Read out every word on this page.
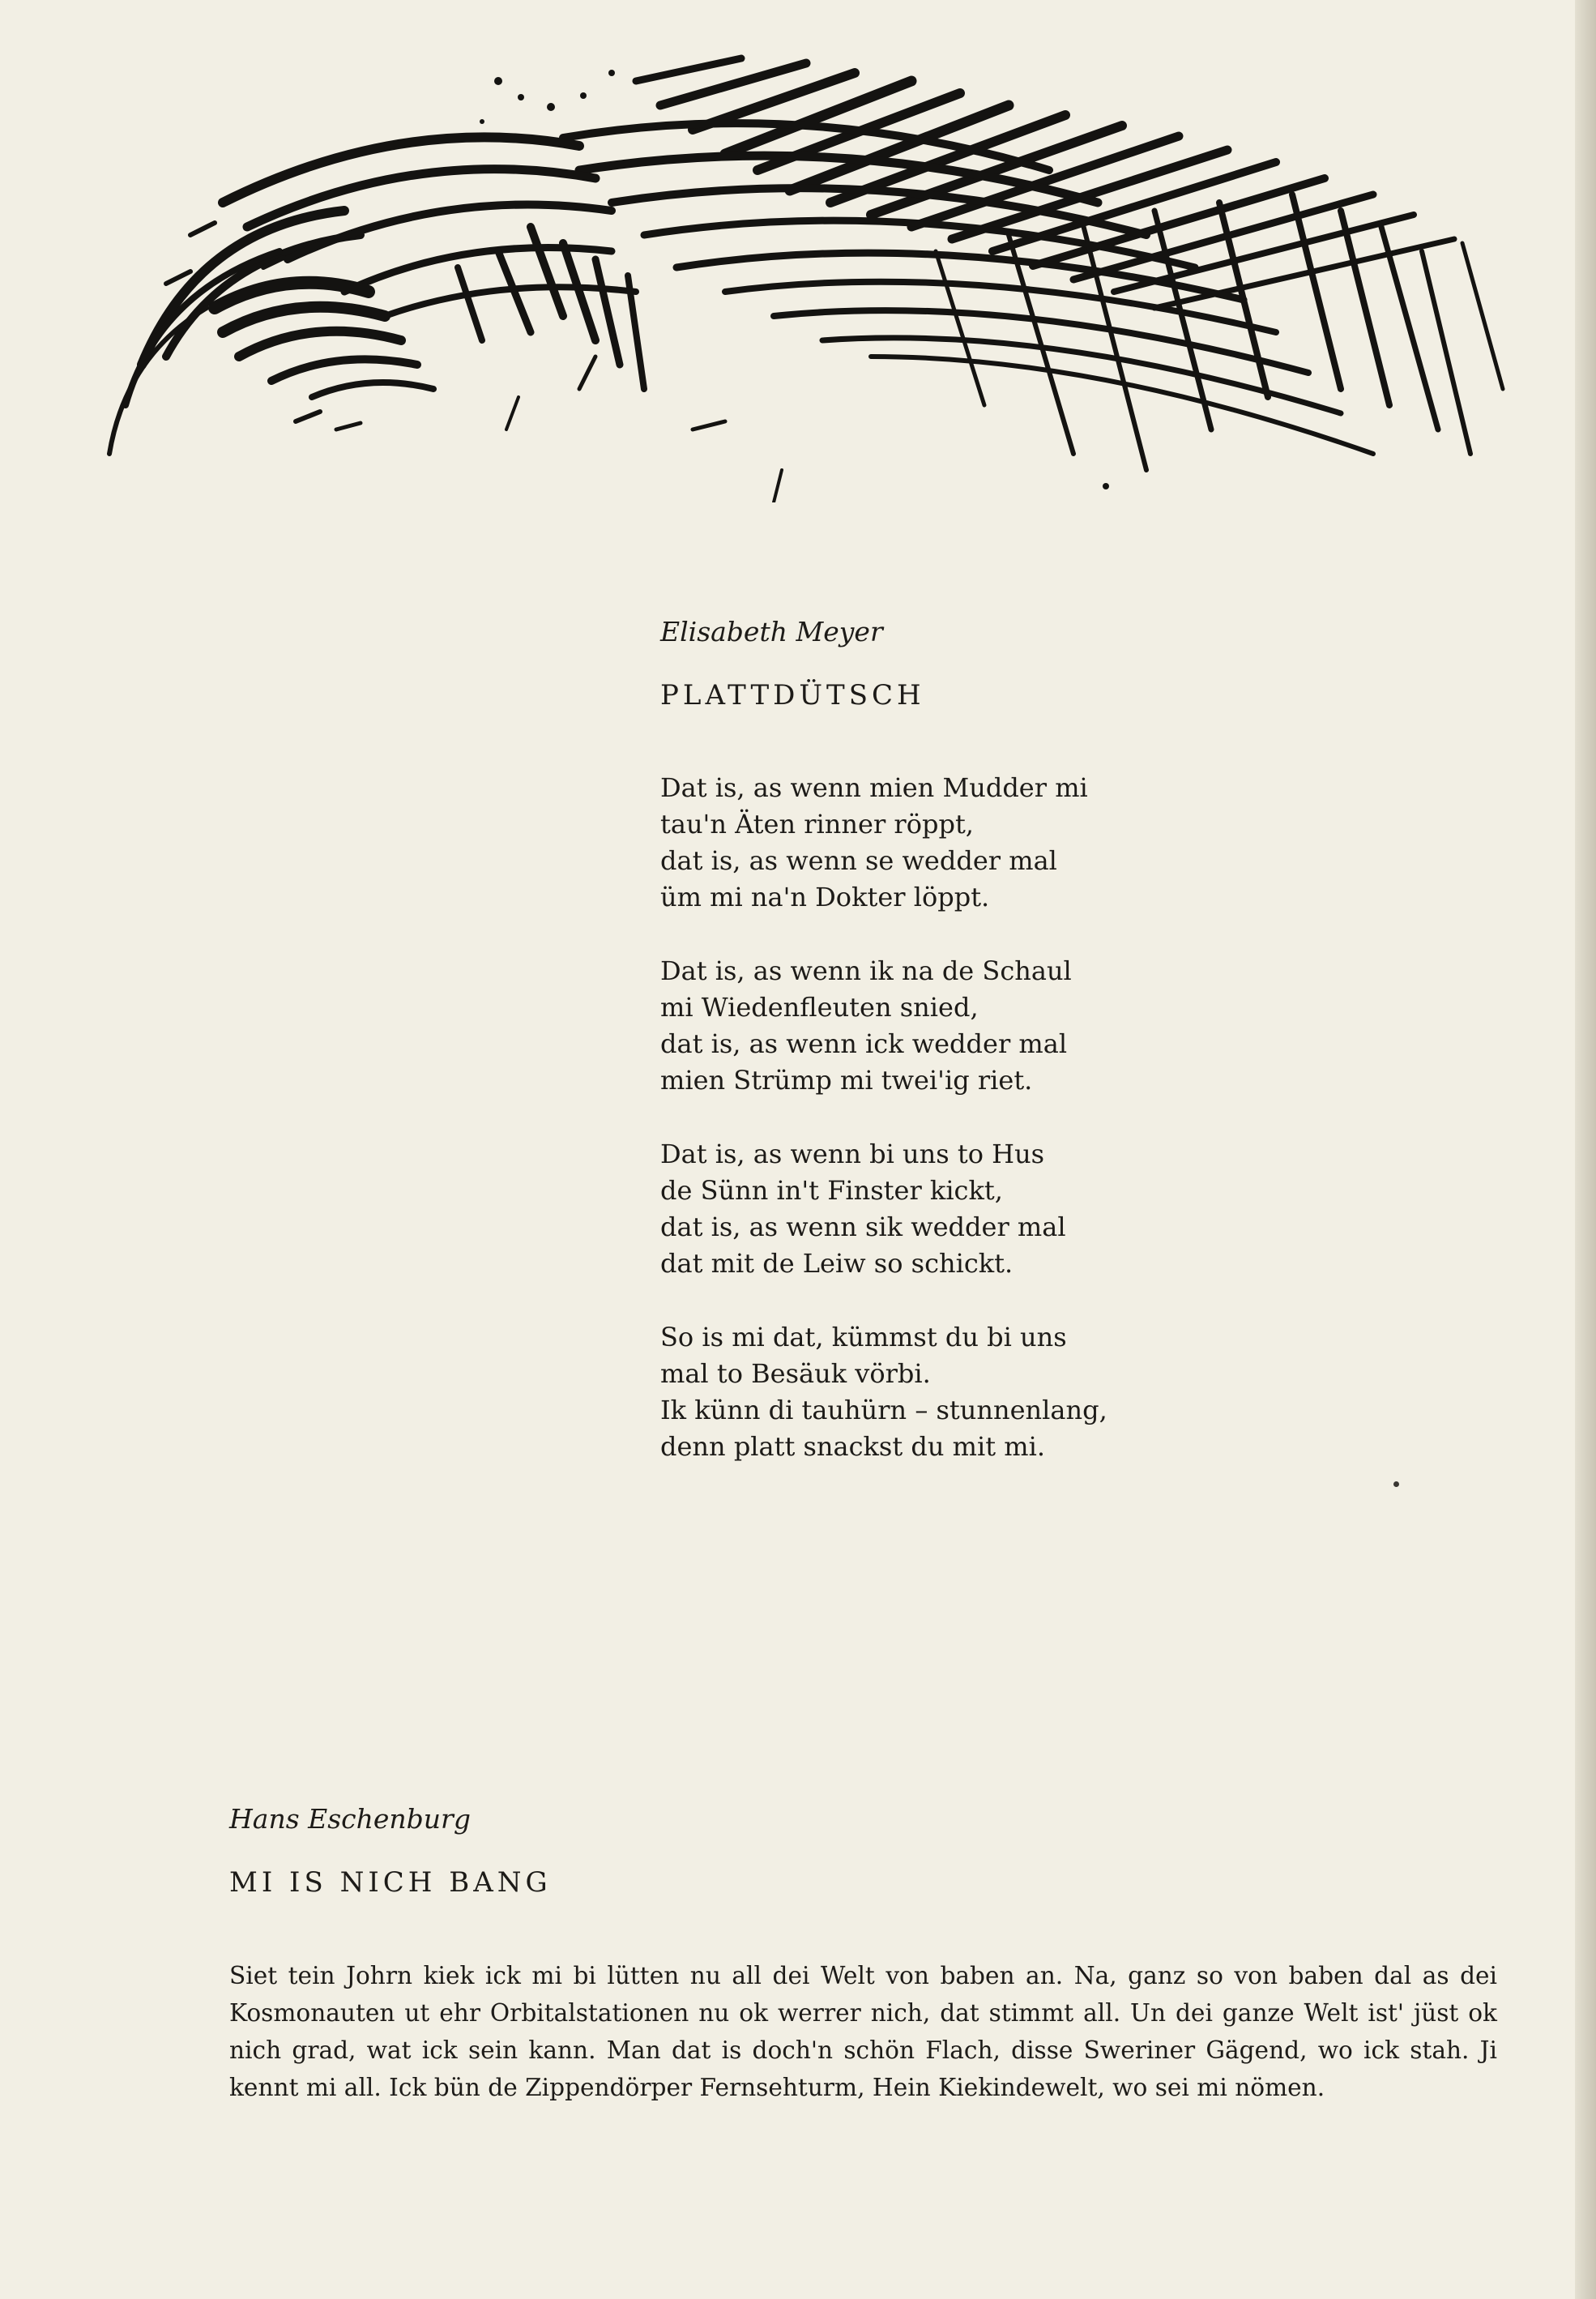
Elisabeth Meyer
PLATTDÜTSCH
Dat is, as wenn mien Mudder mi
tau'n Äten rinner röppt,
dat is, as wenn se wedder mal
üm mi na'n Dokter löppt.
Dat is, as wenn ik na de Schaul
mi Wiedenfleuten snied,
dat is, as wenn ick wedder mal
mien Strümp mi twei'ig riet.
Dat is, as wenn bi uns to Hus
de Sünn in't Finster kickt,
dat is, as wenn sik wedder mal
dat mit de Leiw so schickt.
So is mi dat, kümmst du bi uns
mal to Besäuk vörbi.
Ik künn di tauhürn – stunnenlang,
denn platt snackst du mit mi.
Hans Eschenburg
MI IS NICH BANG

Siet tein Johrn kiek ick mi bi lütten nu all dei Welt von baben an. Na, ganz so von baben dal as dei Kosmonauten ut ehr Orbitalstationen nu ok werrer nich, dat stimmt all. Un dei ganze Welt ist' jüst ok nich grad, wat ick sein kann. Man dat is doch'n schön Flach, disse Sweriner Gägend, wo ick stah. Ji kennt mi all. Ick bün de Zippendörper Fernsehturm, Hein Kiekindewelt, wo sei mi nömen.
